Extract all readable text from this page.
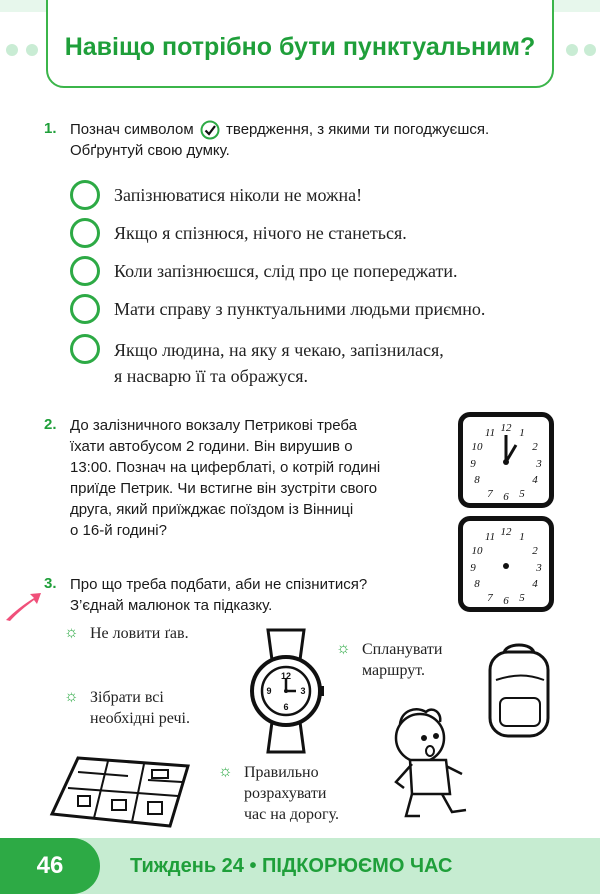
Навіщо потрібно бути пунктуальним?
1. Познач символом твердження, з якими ти погоджуєшся.
Обґрунтуй свою думку.
Запізнюватися ніколи не можна!
Якщо я спізнюся, нічого не станеться.
Коли запізнюєшся, слід про це попереджати.
Мати справу з пунктуальними людьми приємно.
Якщо людина, на яку я чекаю, запізнилася,
я насварю її та ображуся.
2. До залізничного вокзалу Петрикові треба
їхати автобусом 2 години. Він вирушив о
13:00. Познач на циферблаті, о котрій годині
приїде Петрик. Чи встигне він зустріти свого
друга, який приїжджає поїздом із Вінниці
о 16-й годині?
12 1
2
3
4
5
6
7
8
9
10
11
12 1
2
3
4
5
6
7
8
9
10
11
3. Про що треба подбати, аби не спізнитися?
З’єднай малюнок та підказку.
☼ Не ловити ґав.
☼ Зібрати всі
необхідні речі.
☼ Спланувати
маршрут.
☼ Правильно
розрахувати
час на дорогу.
12
3
6
9
46	Тиждень 24 • ПІДКОРЮЄМО ЧАС
